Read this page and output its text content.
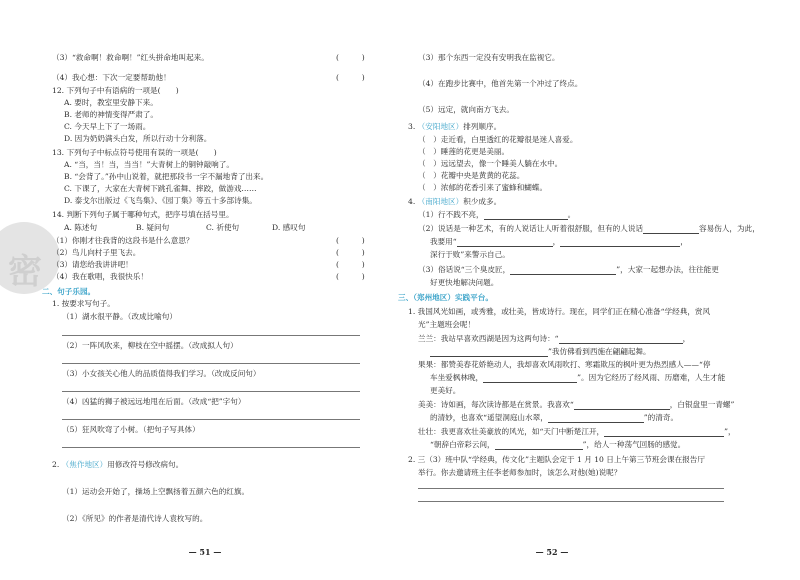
密
（3）“救命啊！救命啊！”红头拼命地叫起来。	(　　　)
（4）我心想：下次一定要帮助他！	(　　　)
12. 下列句子中有语病的一项是(　　)
A. 要时，教室里安静下来。
B. 老师的神情变得严肃了。
C. 今天早上下了一场雨。
D. 因为奶奶满头白发，所以行动十分利落。
13. 下列句子中标点符号使用有误的一项是(　　)
A. “当，当！当，当当！”大青树上的铜钟敲响了。
B. “会背了。”孙中山说着，就把那段书一字不漏地背了出来。
C. 下课了，大家在大青树下跳孔雀舞、摔跤，做游戏……
D. 泰戈尔出版过《飞鸟集》、《园丁集》等五十多部诗集。
14. 判断下列句子属于哪种句式，把序号填在括号里。
A. 陈述句	B. 疑问句	C. 祈使句	D. 感叹句
（1）你刚才往我背的这段书是什么意思？	(　　　)
（2）鸟儿向村子里飞去。	(　　　)
（3）请您给我讲讲吧！	(　　　)
（4）我在歌唱，我很快乐！	(　　　)
二、句子乐园。
1. 按要求写句子。
（1）湖水很平静。（改成比喻句）
（2）一阵风吹来，柳枝在空中摇摆。（改成拟人句）
（3）小女孩关心他人的品质值得我们学习。（改成反问句）
（4）凶猛的狮子被远远地甩在后面。（改成“把”字句）
（5）狂风吹弯了小树。（把句子写具体）
2. （焦作地区）用修改符号修改病句。
（1）运动会开始了，操场上空飘扬着五颜六色的红旗。
（2）《所见》的作者是清代诗人袁枚写的。
— 51 —
（3）那个东西一定没有安明我在监视它。
（4）在跑步比赛中，他首先第一个冲过了终点。
（5）远定，就向南方飞去。
3. （安阳地区）排列顺序。
（　）走近看，白里透红的花瓣很是迷人喜爱。
（　）睡莲的花更是美丽。
（　）远远望去，像一个睡美人躺在水中。
（　）花瓣中央是黄黄的花蕊。
（　）浓郁的花香引来了蜜蜂和蝴蝶。
4. （南阳地区）积少成多。
（1）行不践不亮，	。
（2）说话是一种艺术，有的人说话让人听着很舒服，但有的人说话	容易伤人，为此，
我要用“	，	，
深行于败”来警示自己。
（3）俗话说“三个臭皮匠，	”，大家一起想办法，往往能更
好更快地解决问题。
三、（郑州地区）实践平台。
1. 我国风光如画，或秀雅，或壮美，皆成诗行。现在，同学们正在精心准备“学经典，赏风
光”主题班会呢！
兰兰：我站早喜欢西湖是因为这两句诗：“	，
”我仿佛看到西施在翩翩起舞。
果果：都赞美春花娇艳动人，我却喜欢风雨吹打、寒霜欺压的枫叶更为热烈感人——“停
车坐爱枫林晚，	”。因为它经历了经风雨、历磨难，人生才能
更美好。
美美：诗如画，每次读诗都是在赏景。我喜欢“	，白银盘里一青螺”
的清妙，也喜欢“遥望洞庭山水翠，	”的清奇。
壮壮：我更喜欢壮美豪放的风光，如“天门中断楚江开，	”，
“朝辞白帝彩云间，	”，给人一种荡气回肠的感觉。
2. 三（3）班中队“学经典，传文化”主题队会定于 1 月 10 日上午第三节班会课在报告厅
举行。你去邀请班主任李老师参加时，该怎么对他(她)说呢？
— 52 —
